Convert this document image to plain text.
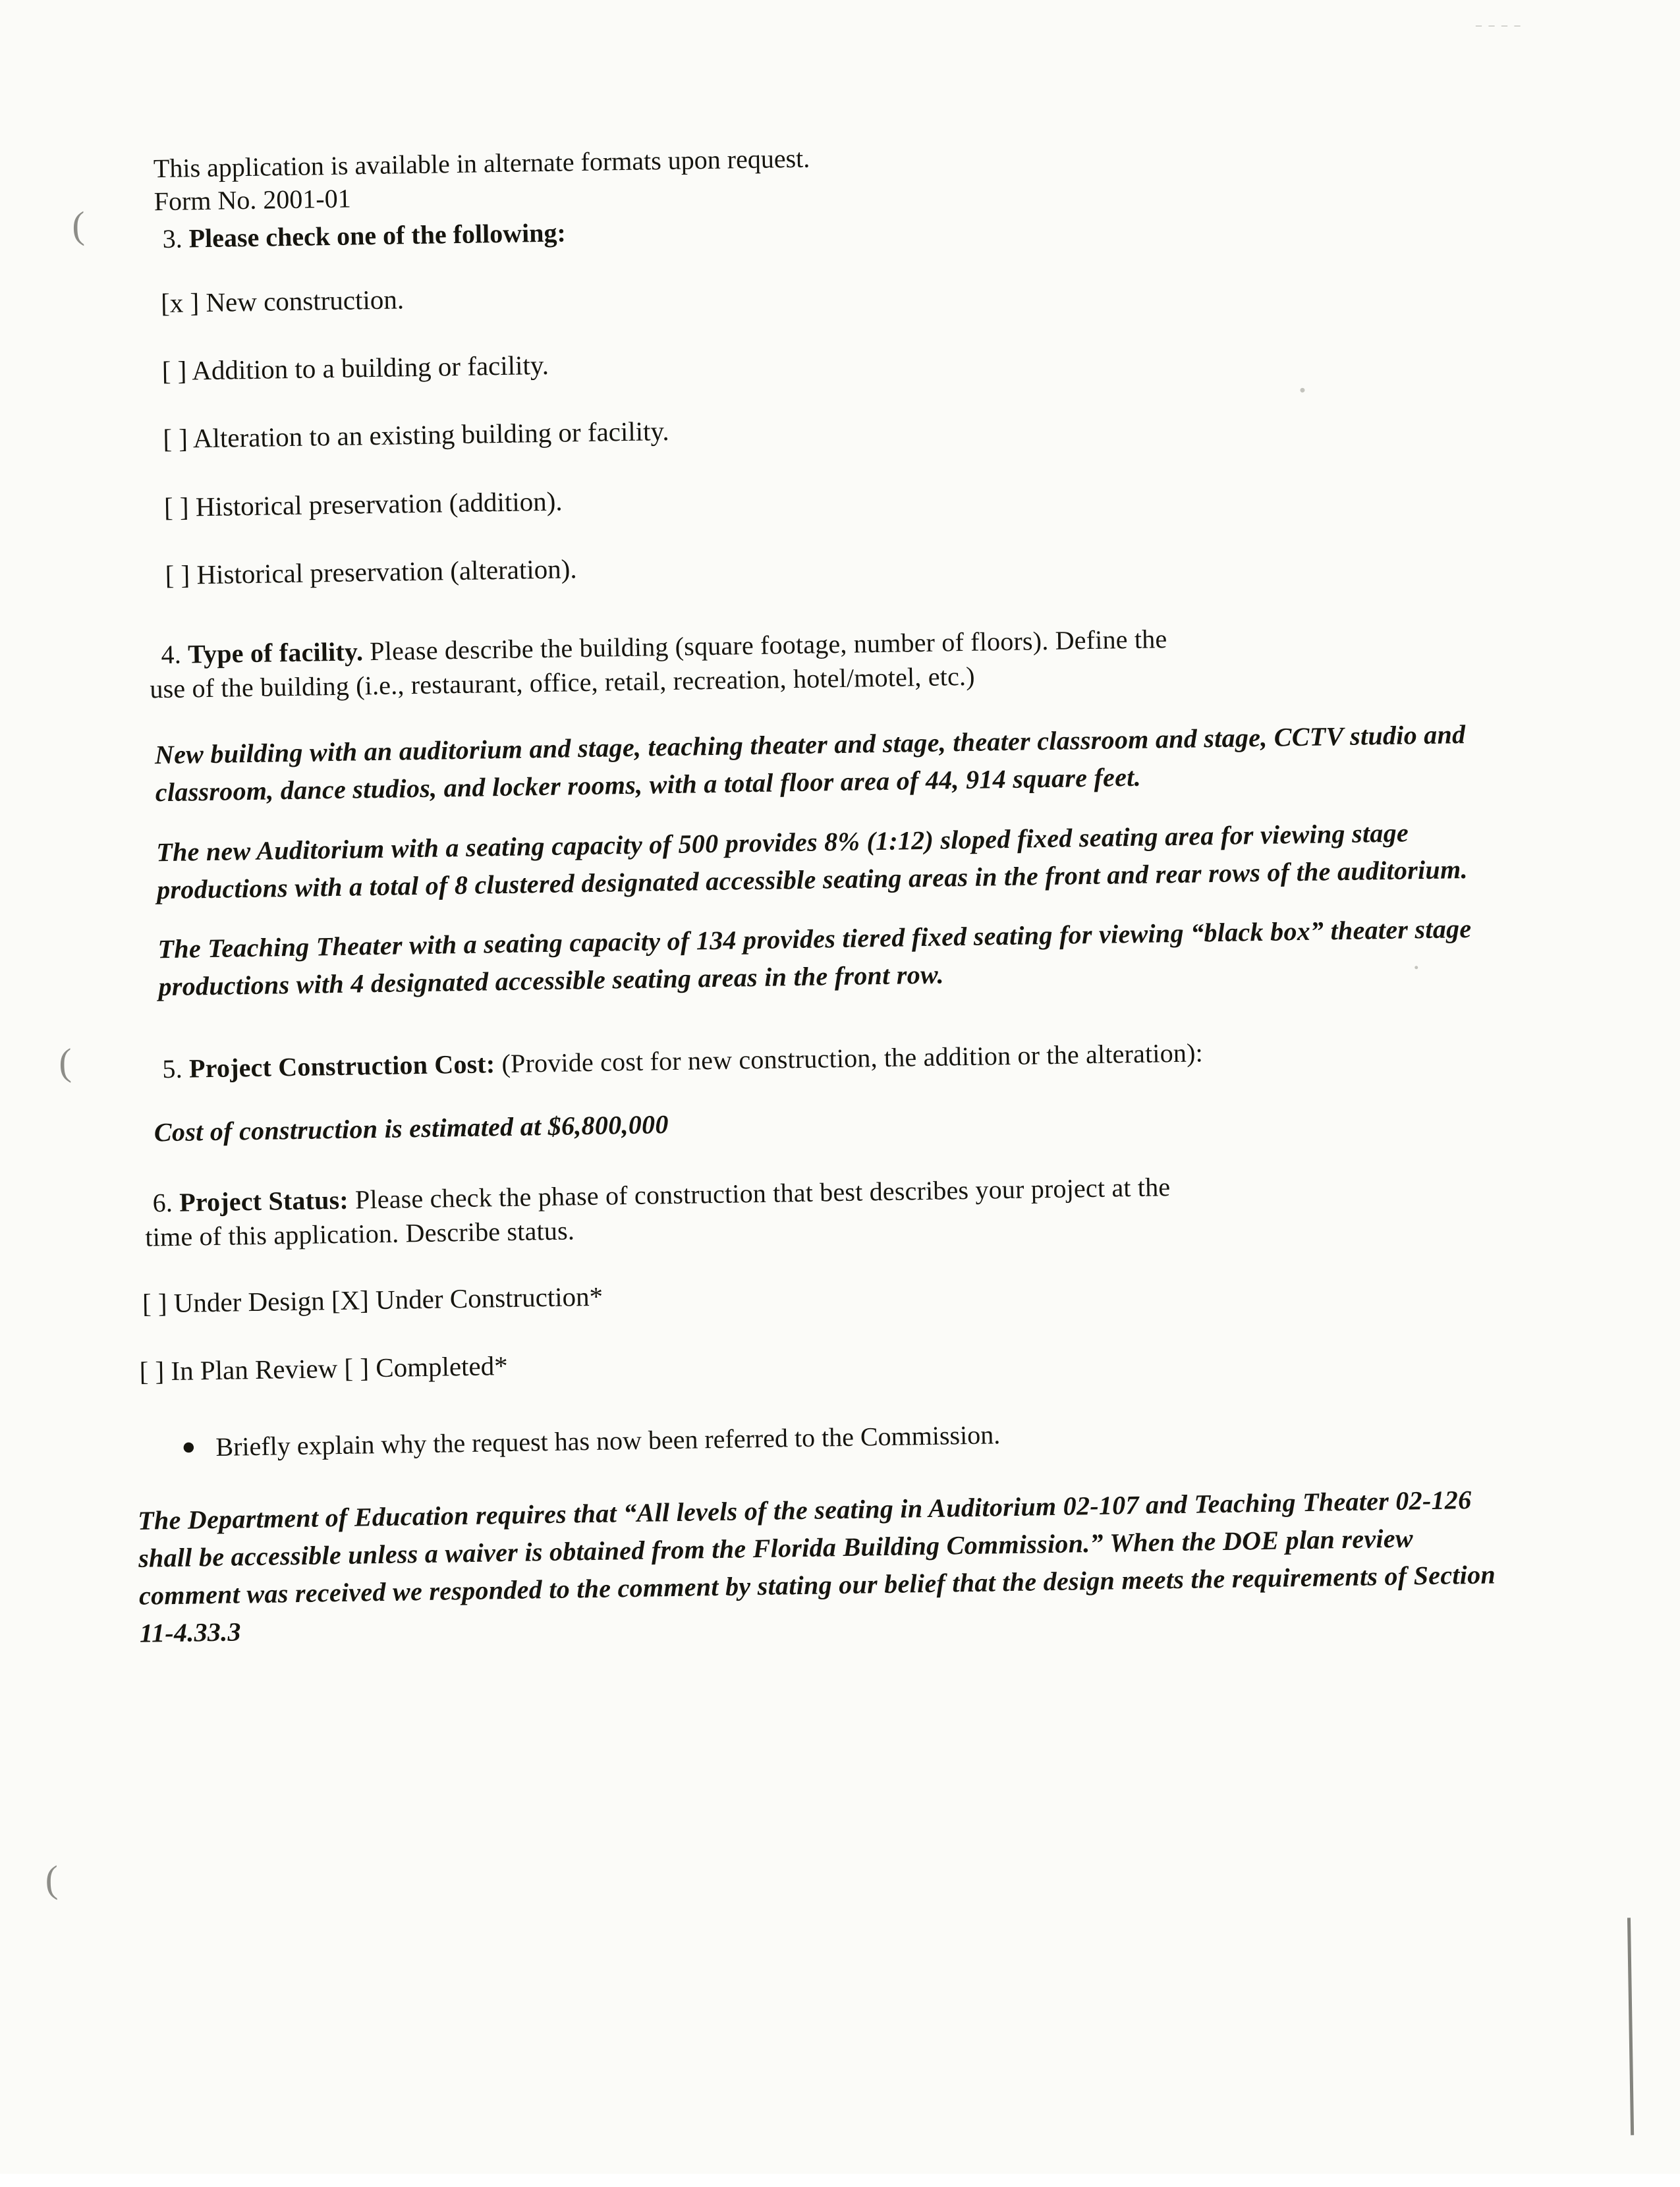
– – – –
(
(
(

This application is available in alternate formats upon request.

Form No. 2001-01

3. Please check one of the following:

[x ] New construction.

[ ] Addition to a building or facility.

[ ] Alteration to an existing building or facility.

[ ] Historical preservation (addition).

[ ] Historical preservation (alteration).

4. Type of facility. Please describe the building (square footage, number of floors). Define the

use of the building (i.e., restaurant, office, retail, recreation, hotel/motel, etc.)

New building with an auditorium and stage, teaching theater and stage, theater classroom and stage, CCTV studio and classroom, dance studios, and locker rooms, with a total floor area of 44, 914 square feet.

The new Auditorium with a seating capacity of 500 provides 8% (1:12) sloped fixed seating area for viewing stage productions with a total of 8 clustered designated accessible seating areas in the front and rear rows of the auditorium.

The Teaching Theater with a seating capacity of 134 provides tiered fixed seating for viewing “black box” theater stage productions with 4 designated accessible seating areas in the front row.

5. Project Construction Cost: (Provide cost for new construction, the addition or the alteration):

Cost of construction is estimated at $6,800,000

6. Project Status: Please check the phase of construction that best describes your project at the

time of this application. Describe status.

[ ] Under Design [X] Under Construction*

[ ] In Plan Review [ ] Completed*

● Briefly explain why the request has now been referred to the Commission.

The Department of Education requires that “All levels of the seating in Auditorium 02-107 and Teaching Theater 02-126 shall be accessible unless a waiver is obtained from the Florida Building Commission.” When the DOE plan review comment was received we responded to the comment by stating our belief that the design meets the requirements of Section 11-4.33.3
